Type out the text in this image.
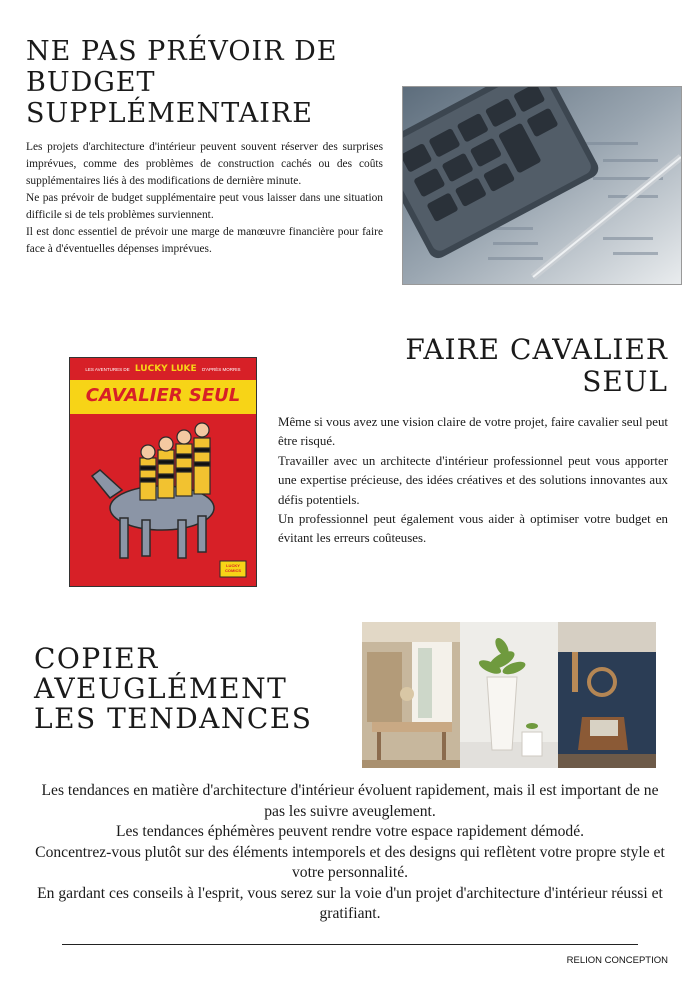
NE PAS PRÉVOIR DE BUDGET SUPPLÉMENTAIRE
Les projets d'architecture d'intérieur peuvent souvent réserver des surprises imprévues, comme des problèmes de construction cachés ou des coûts supplémentaires liés à des modifications de dernière minute.
Ne pas prévoir de budget supplémentaire peut vous laisser dans une situation difficile si de tels problèmes surviennent.
Il est donc essentiel de prévoir une marge de manœuvre financière pour faire face à d'éventuelles dépenses imprévues.
FAIRE CAVALIER SEUL
LES AVENTURES DE LUCKY LUKE D'APRÈS MORRIS
CAVALIER SEUL
LUCKY COMICS
Même si vous avez une vision claire de votre projet, faire cavalier seul peut être risqué.
Travailler avec un architecte d'intérieur professionnel peut vous apporter une expertise précieuse, des idées créatives et des solutions innovantes aux défis potentiels.
Un professionnel peut également vous aider à optimiser votre budget en évitant les erreurs coûteuses.
COPIER AVEUGLÉMENT LES TENDANCES
Les tendances en matière d'architecture d'intérieur évoluent rapidement, mais il est important de ne pas les suivre aveuglement.
Les tendances éphémères peuvent rendre votre espace rapidement démodé.
Concentrez-vous plutôt sur des éléments intemporels et des designs qui reflètent votre propre style et votre personnalité.
En gardant ces conseils à l'esprit, vous serez sur la voie d'un projet d'architecture d'intérieur réussi et gratifiant.
RELION CONCEPTION
